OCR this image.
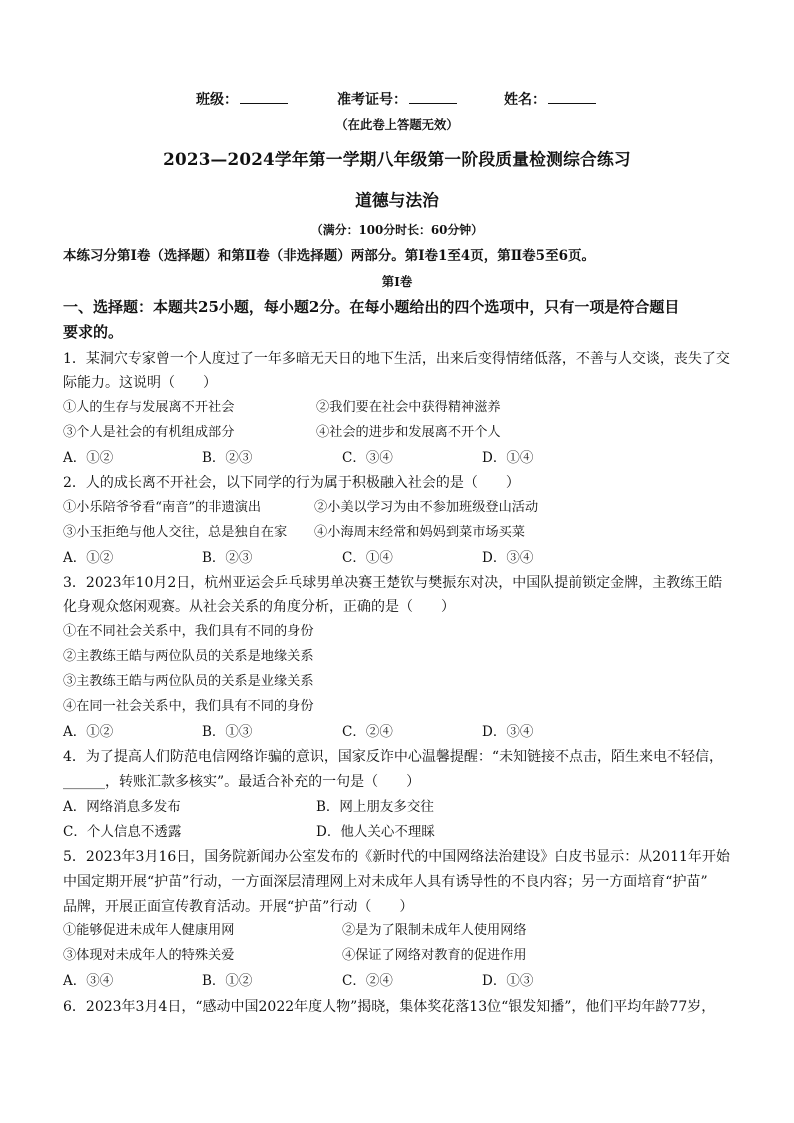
班级：	准考证号：	姓名：
（在此卷上答题无效）
2023—2024学年第一学期八年级第一阶段质量检测综合练习
道德与法治
（满分：100分时长：60分钟）
本练习分第Ⅰ卷（选择题）和第Ⅱ卷（非选择题）两部分。第Ⅰ卷1至4页，第Ⅱ卷5至6页。
第Ⅰ卷
一、选择题：本题共25小题，每小题2分。在每小题给出的四个选项中，只有一项是符合题目
要求的。
1．某洞穴专家曾一个人度过了一年多暗无天日的地下生活，出来后变得情绪低落，不善与人交谈，丧失了交
际能力。这说明（　　）
①人的生存与发展离不开社会	②我们要在社会中获得精神滋养
③个人是社会的有机组成部分	④社会的进步和发展离不开个人
A．①②	B．②③	C．③④	D．①④
2．人的成长离不开社会，以下同学的行为属于积极融入社会的是（　　）
①小乐陪爷爷看“南音”的非遗演出	②小美以学习为由不参加班级登山活动
③小玉拒绝与他人交往，总是独自在家 ④小海周末经常和妈妈到菜市场买菜
A．①②	B．②③	C．①④	D．③④
3．2023年10月2日，杭州亚运会乒乓球男单决赛王楚钦与樊振东对决，中国队提前锁定金牌，主教练王皓
化身观众悠闲观赛。从社会关系的角度分析，正确的是（　　）
①在不同社会关系中，我们具有不同的身份
②主教练王皓与两位队员的关系是地缘关系
③主教练王皓与两位队员的关系是业缘关系
④在同一社会关系中，我们具有不同的身份
A．①②	B．①③	C．②④	D．③④
4．为了提高人们防范电信网络诈骗的意识，国家反诈中心温馨提醒：“未知链接不点击，陌生来电不轻信，
______，转账汇款多核实”。最适合补充的一句是（　　）
A．网络消息多发布	B．网上朋友多交往
C．个人信息不透露	D．他人关心不理睬
5．2023年3月16日，国务院新闻办公室发布的《新时代的中国网络法治建设》白皮书显示：从2011年开始
中国定期开展“护苗”行动，一方面深层清理网上对未成年人具有诱导性的不良内容；另一方面培育“护苗”
品牌，开展正面宣传教育活动。开展“护苗”行动（　　）
①能够促进未成年人健康用网	②是为了限制未成年人使用网络
③体现对未成年人的特殊关爱	④保证了网络对教育的促进作用
A．③④	B．①②	C．②④	D．①③
6．2023年3月4日，“感动中国2022年度人物”揭晓，集体奖花落13位“银发知播”，他们平均年龄77岁，
